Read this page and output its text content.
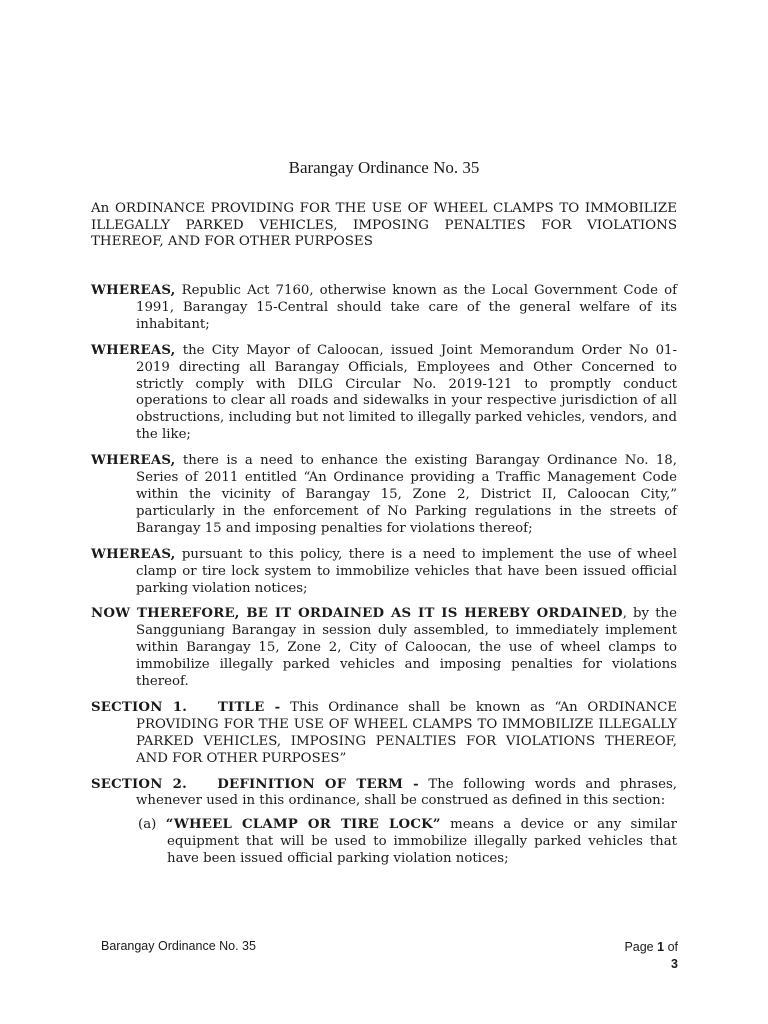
Barangay Ordinance No. 35
An ORDINANCE PROVIDING FOR THE USE OF WHEEL CLAMPS TO IMMOBILIZE ILLEGALLY PARKED VEHICLES, IMPOSING PENALTIES FOR VIOLATIONS THEREOF, AND FOR OTHER PURPOSES

WHEREAS, Republic Act 7160, otherwise known as the Local Government Code of 1991, Barangay 15-Central should take care of the general welfare of its inhabitant;

WHEREAS, the City Mayor of Caloocan, issued Joint Memorandum Order No 01-2019 directing all Barangay Officials, Employees and Other Concerned to strictly comply with DILG Circular No. 2019-121 to promptly conduct operations to clear all roads and sidewalks in your respective jurisdiction of all obstructions, including but not limited to illegally parked vehicles, vendors, and the like;

WHEREAS, there is a need to enhance the existing Barangay Ordinance No. 18, Series of 2011 entitled “An Ordinance providing a Traffic Management Code within the vicinity of Barangay 15, Zone 2, District II, Caloocan City,” particularly in the enforcement of No Parking regulations in the streets of Barangay 15 and imposing penalties for violations thereof;

WHEREAS, pursuant to this policy, there is a need to implement the use of wheel clamp or tire lock system to immobilize vehicles that have been issued official parking violation notices;

NOW THEREFORE, BE IT ORDAINED AS IT IS HEREBY ORDAINED, by the Sangguniang Barangay in session duly assembled, to immediately implement within Barangay 15, Zone 2, City of Caloocan, the use of wheel clamps to immobilize illegally parked vehicles and imposing penalties for violations thereof.

SECTION 1.   TITLE - This Ordinance shall be known as “An ORDINANCE PROVIDING FOR THE USE OF WHEEL CLAMPS TO IMMOBILIZE ILLEGALLY PARKED VEHICLES, IMPOSING PENALTIES FOR VIOLATIONS THEREOF, AND FOR OTHER PURPOSES”

SECTION 2.   DEFINITION OF TERM - The following words and phrases, whenever used in this ordinance, shall be construed as defined in this section:

(a) “WHEEL CLAMP OR TIRE LOCK” means a device or any similar equipment that will be used to immobilize illegally parked vehicles that have been issued official parking violation notices;

Barangay Ordinance No. 35	Page 1 of
3
